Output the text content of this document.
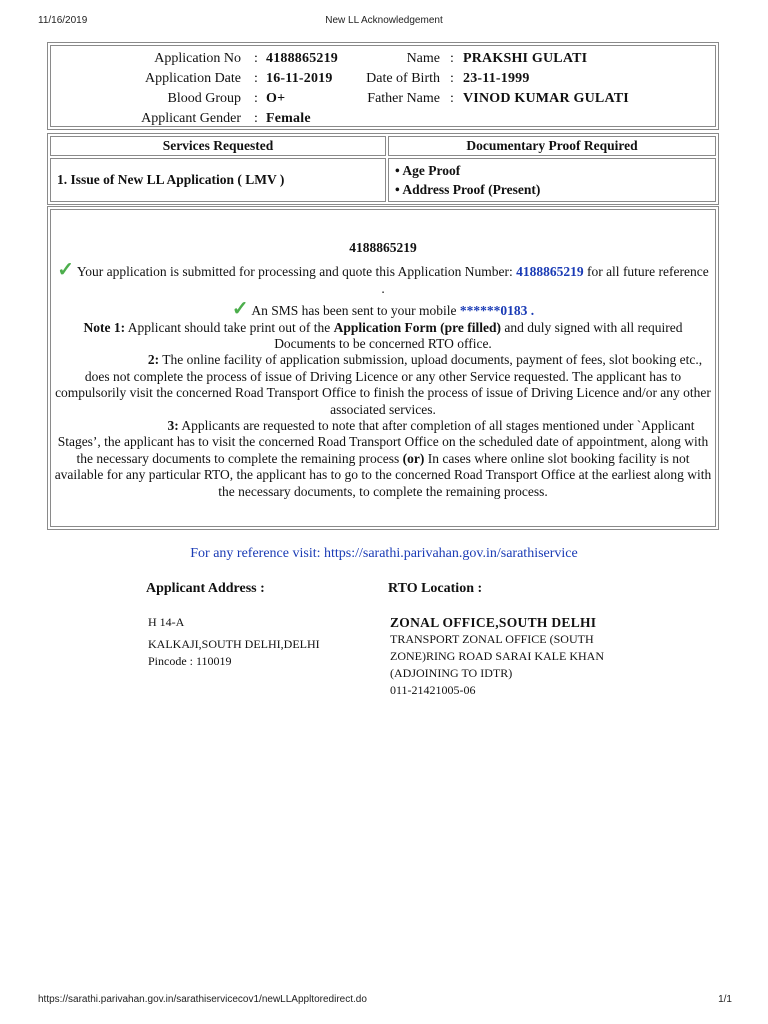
11/16/2019	New LL Acknowledgement
Application No : 4188865219	Name : PRAKSHI GULATI
Application Date : 16-11-2019	Date of Birth : 23-11-1999
Blood Group : O+	Father Name : VINOD KUMAR GULATI
Applicant Gender : Female
Services Requested	Documentary Proof Required
1. Issue of New LL Application ( LMV )	• Age Proof
• Address Proof (Present)
4188865219
✓ Your application is submitted for processing and quote this Application Number: 4188865219 for all future reference .
✓ An SMS has been sent to your mobile ******0183 .
Note 1: Applicant should take print out of the Application Form (pre filled) and duly signed with all required Documents to be concerned RTO office.
2: The online facility of application submission, upload documents, payment of fees, slot booking etc., does not complete the process of issue of Driving Licence or any other Service requested. The applicant has to compulsorily visit the concerned Road Transport Office to finish the process of issue of Driving Licence and/or any other associated services.
3: Applicants are requested to note that after completion of all stages mentioned under `Applicant Stages’, the applicant has to visit the concerned Road Transport Office on the scheduled date of appointment, along with the necessary documents to complete the remaining process (or) In cases where online slot booking facility is not available for any particular RTO, the applicant has to go to the concerned Road Transport Office at the earliest along with the necessary documents, to complete the remaining process.
For any reference visit: https://sarathi.parivahan.gov.in/sarathiservice
Applicant Address :	RTO Location :
H 14-A
KALKAJI,SOUTH DELHI,DELHI
Pincode : 110019
ZONAL OFFICE,SOUTH DELHI
TRANSPORT ZONAL OFFICE (SOUTH
ZONE)RING ROAD SARAI KALE KHAN
(ADJOINING TO IDTR)
011-21421005-06
https://sarathi.parivahan.gov.in/sarathiservicecov1/newLLAppltoredirect.do	1/1
